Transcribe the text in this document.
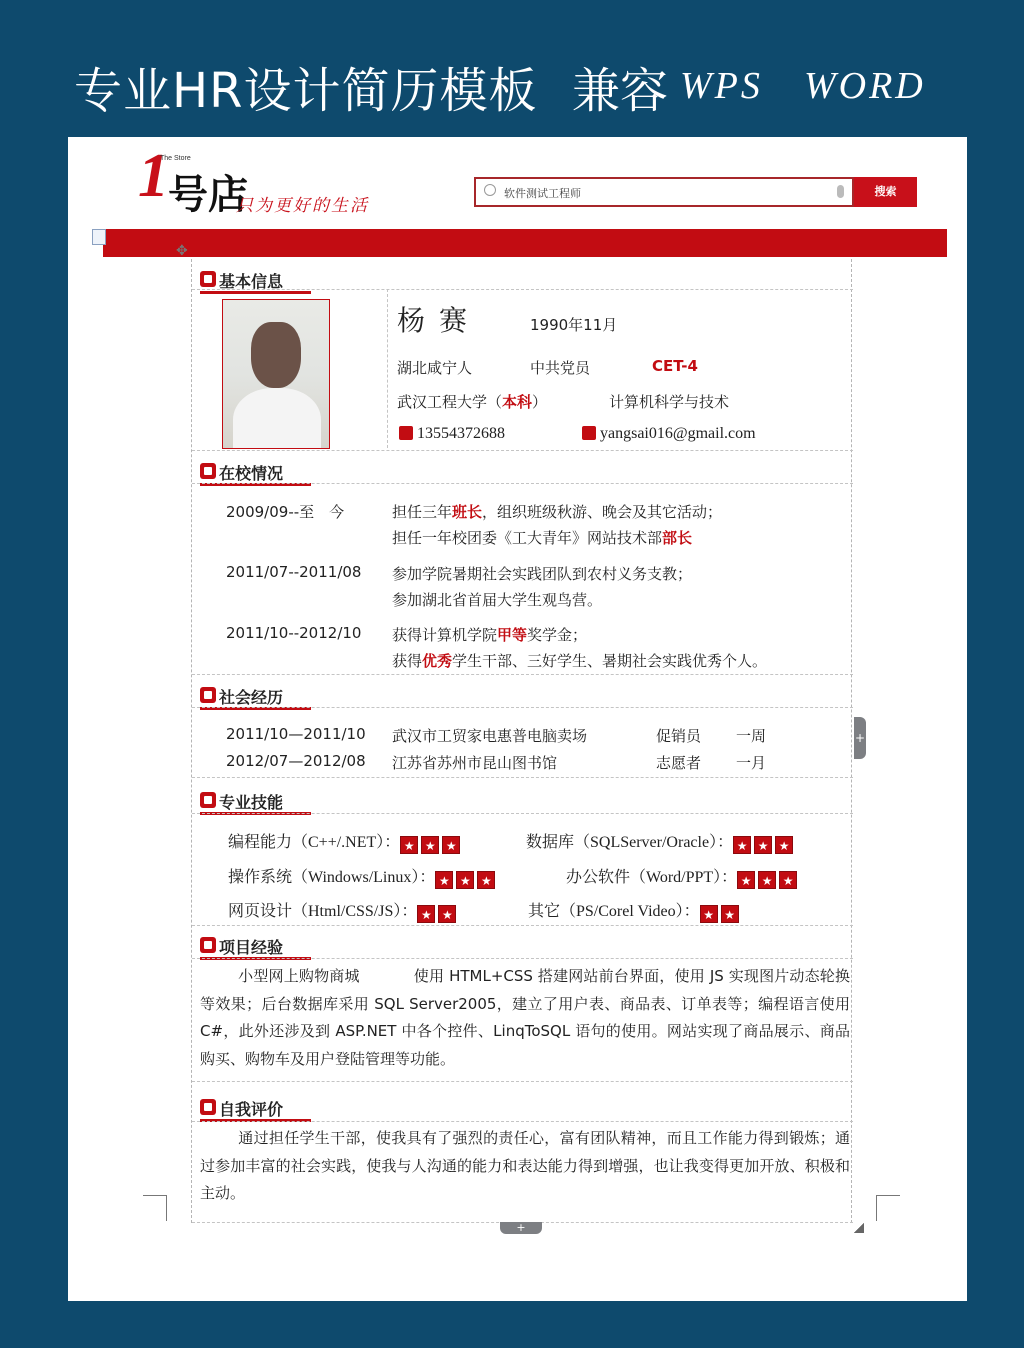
专业HR设计简历模板 兼容 WPS WORD
1
The Store
号店
只为更好的生活
软件测试工程师	搜索
✥
基本信息
杨赛	1990年11月
湖北咸宁人	中共党员	CET-4
武汉工程大学（本科）	计算机科学与技术
13554372688	yangsai016@gmail.com
在校情况
2009/09--至　今	担任三年班长，组织班级秋游、晚会及其它活动；
担任一年校团委《工大青年》网站技术部部长
2011/07--2011/08 参加学院暑期社会实践团队到农村义务支教；
参加湖北省首届大学生观鸟营。
2011/10--2012/10 获得计算机学院甲等奖学金；
获得优秀学生干部、三好学生、暑期社会实践优秀个人。
社会经历
2011/10—2011/10 武汉市工贸家电惠普电脑卖场	促销员 一周
2012/07—2012/08 江苏省苏州市昆山图书馆	志愿者 一月
专业技能
编程能力（C++/.NET）： ★ ★ ★	数据库（SQLServer/Oracle）： ★ ★ ★
操作系统（Windows/Linux）： ★ ★ ★	办公软件（Word/PPT）： ★ ★ ★
网页设计（Html/CSS/JS）： ★ ★	其它（PS/Corel Video）： ★ ★
项目经验
小型网上购物商城	使用 HTML+CSS 搭建网站前台界面，使用 JS 实现图片动态轮换等效果；后台数据库采用 SQL Server2005，建立了用户表、商品表、订单表等；编程语言使用 C#，此外还涉及到 ASP.NET 中各个控件、LinqToSQL 语句的使用。网站实现了商品展示、商品购买、购物车及用户登陆管理等功能。
自我评价
通过担任学生干部，使我具有了强烈的责任心，富有团队精神，而且工作能力得到锻炼；通过参加丰富的社会实践，使我与人沟通的能力和表达能力得到增强，也让我变得更加开放、积极和主动。
+
+
